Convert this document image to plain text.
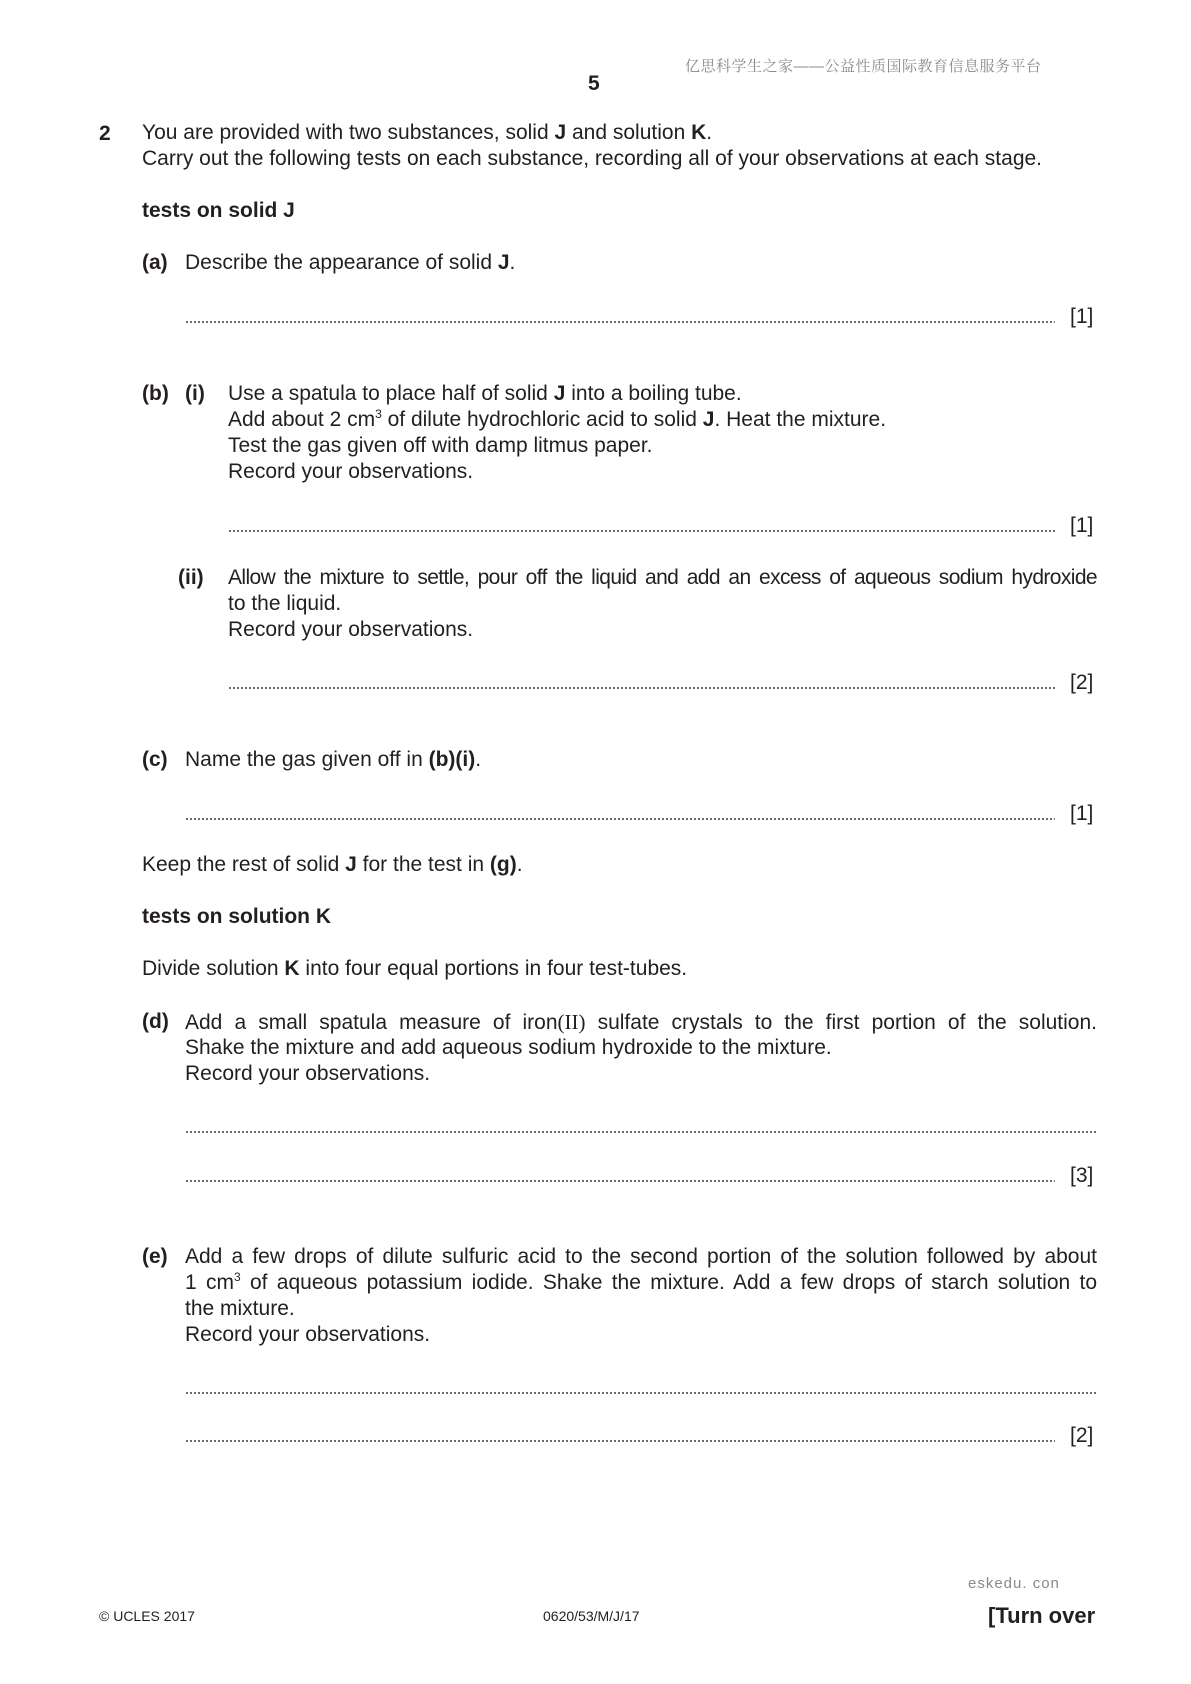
亿思科学生之家——公益性质国际教育信息服务平台
5
2 You are provided with two substances, solid J and solution K.
Carry out the following tests on each substance, recording all of your observations at each stage.
tests on solid J
(a) Describe the appearance of solid J.
[1]
(b) (i) Use a spatula to place half of solid J into a boiling tube.
Add about 2 $cm^3$ of dilute hydrochloric acid to solid J. Heat the mixture.
Test the gas given off with damp litmus paper.
Record your observations.
[1]
(ii) Allow the mixture to settle, pour off the liquid and add an excess of aqueous sodium hydroxide
to the liquid.
Record your observations.
[2]
(c) Name the gas given off in (b)(i).
[1]
Keep the rest of solid J for the test in (g).
tests on solution K
Divide solution K into four equal portions in four test-tubes.
(d) Add a small spatula measure of iron(II) sulfate crystals to the first portion of the solution.
Shake the mixture and add aqueous sodium hydroxide to the mixture.
Record your observations.
[3]
(e) Add a few drops of dilute sulfuric acid to the second portion of the solution followed by about
1 $cm^3$ of aqueous potassium iodide. Shake the mixture. Add a few drops of starch solution to
the mixture.
Record your observations.
[2]
eskedu. con
© UCLES 2017	0620/53/M/J/17	[Turn over
